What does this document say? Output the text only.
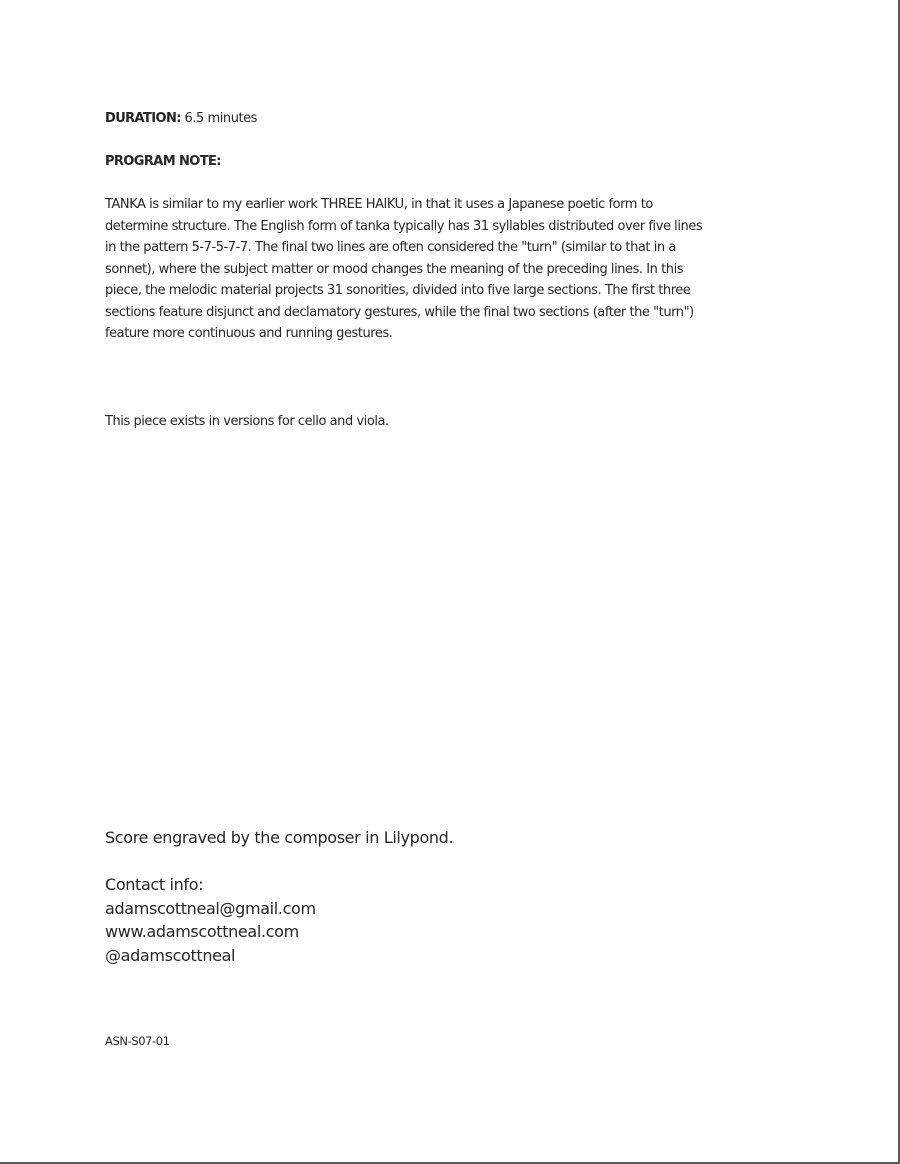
DURATION: 6.5 minutes

PROGRAM NOTE:

TANKA is similar to my earlier work THREE HAIKU, in that it uses a Japanese poetic form to
determine structure. The English form of tanka typically has 31 syllables distributed over five lines
in the pattern 5-7-5-7-7. The final two lines are often considered the "turn" (similar to that in a
sonnet), where the subject matter or mood changes the meaning of the preceding lines. In this
piece, the melodic material projects 31 sonorities, divided into five large sections. The first three
sections feature disjunct and declamatory gestures, while the final two sections (after the "turn")
feature more continuous and running gestures.

This piece exists in versions for cello and viola.

Score engraved by the composer in Lilypond.

Contact info:
adamscottneal@gmail.com
www.adamscottneal.com
@adamscottneal

ASN-S07-01
